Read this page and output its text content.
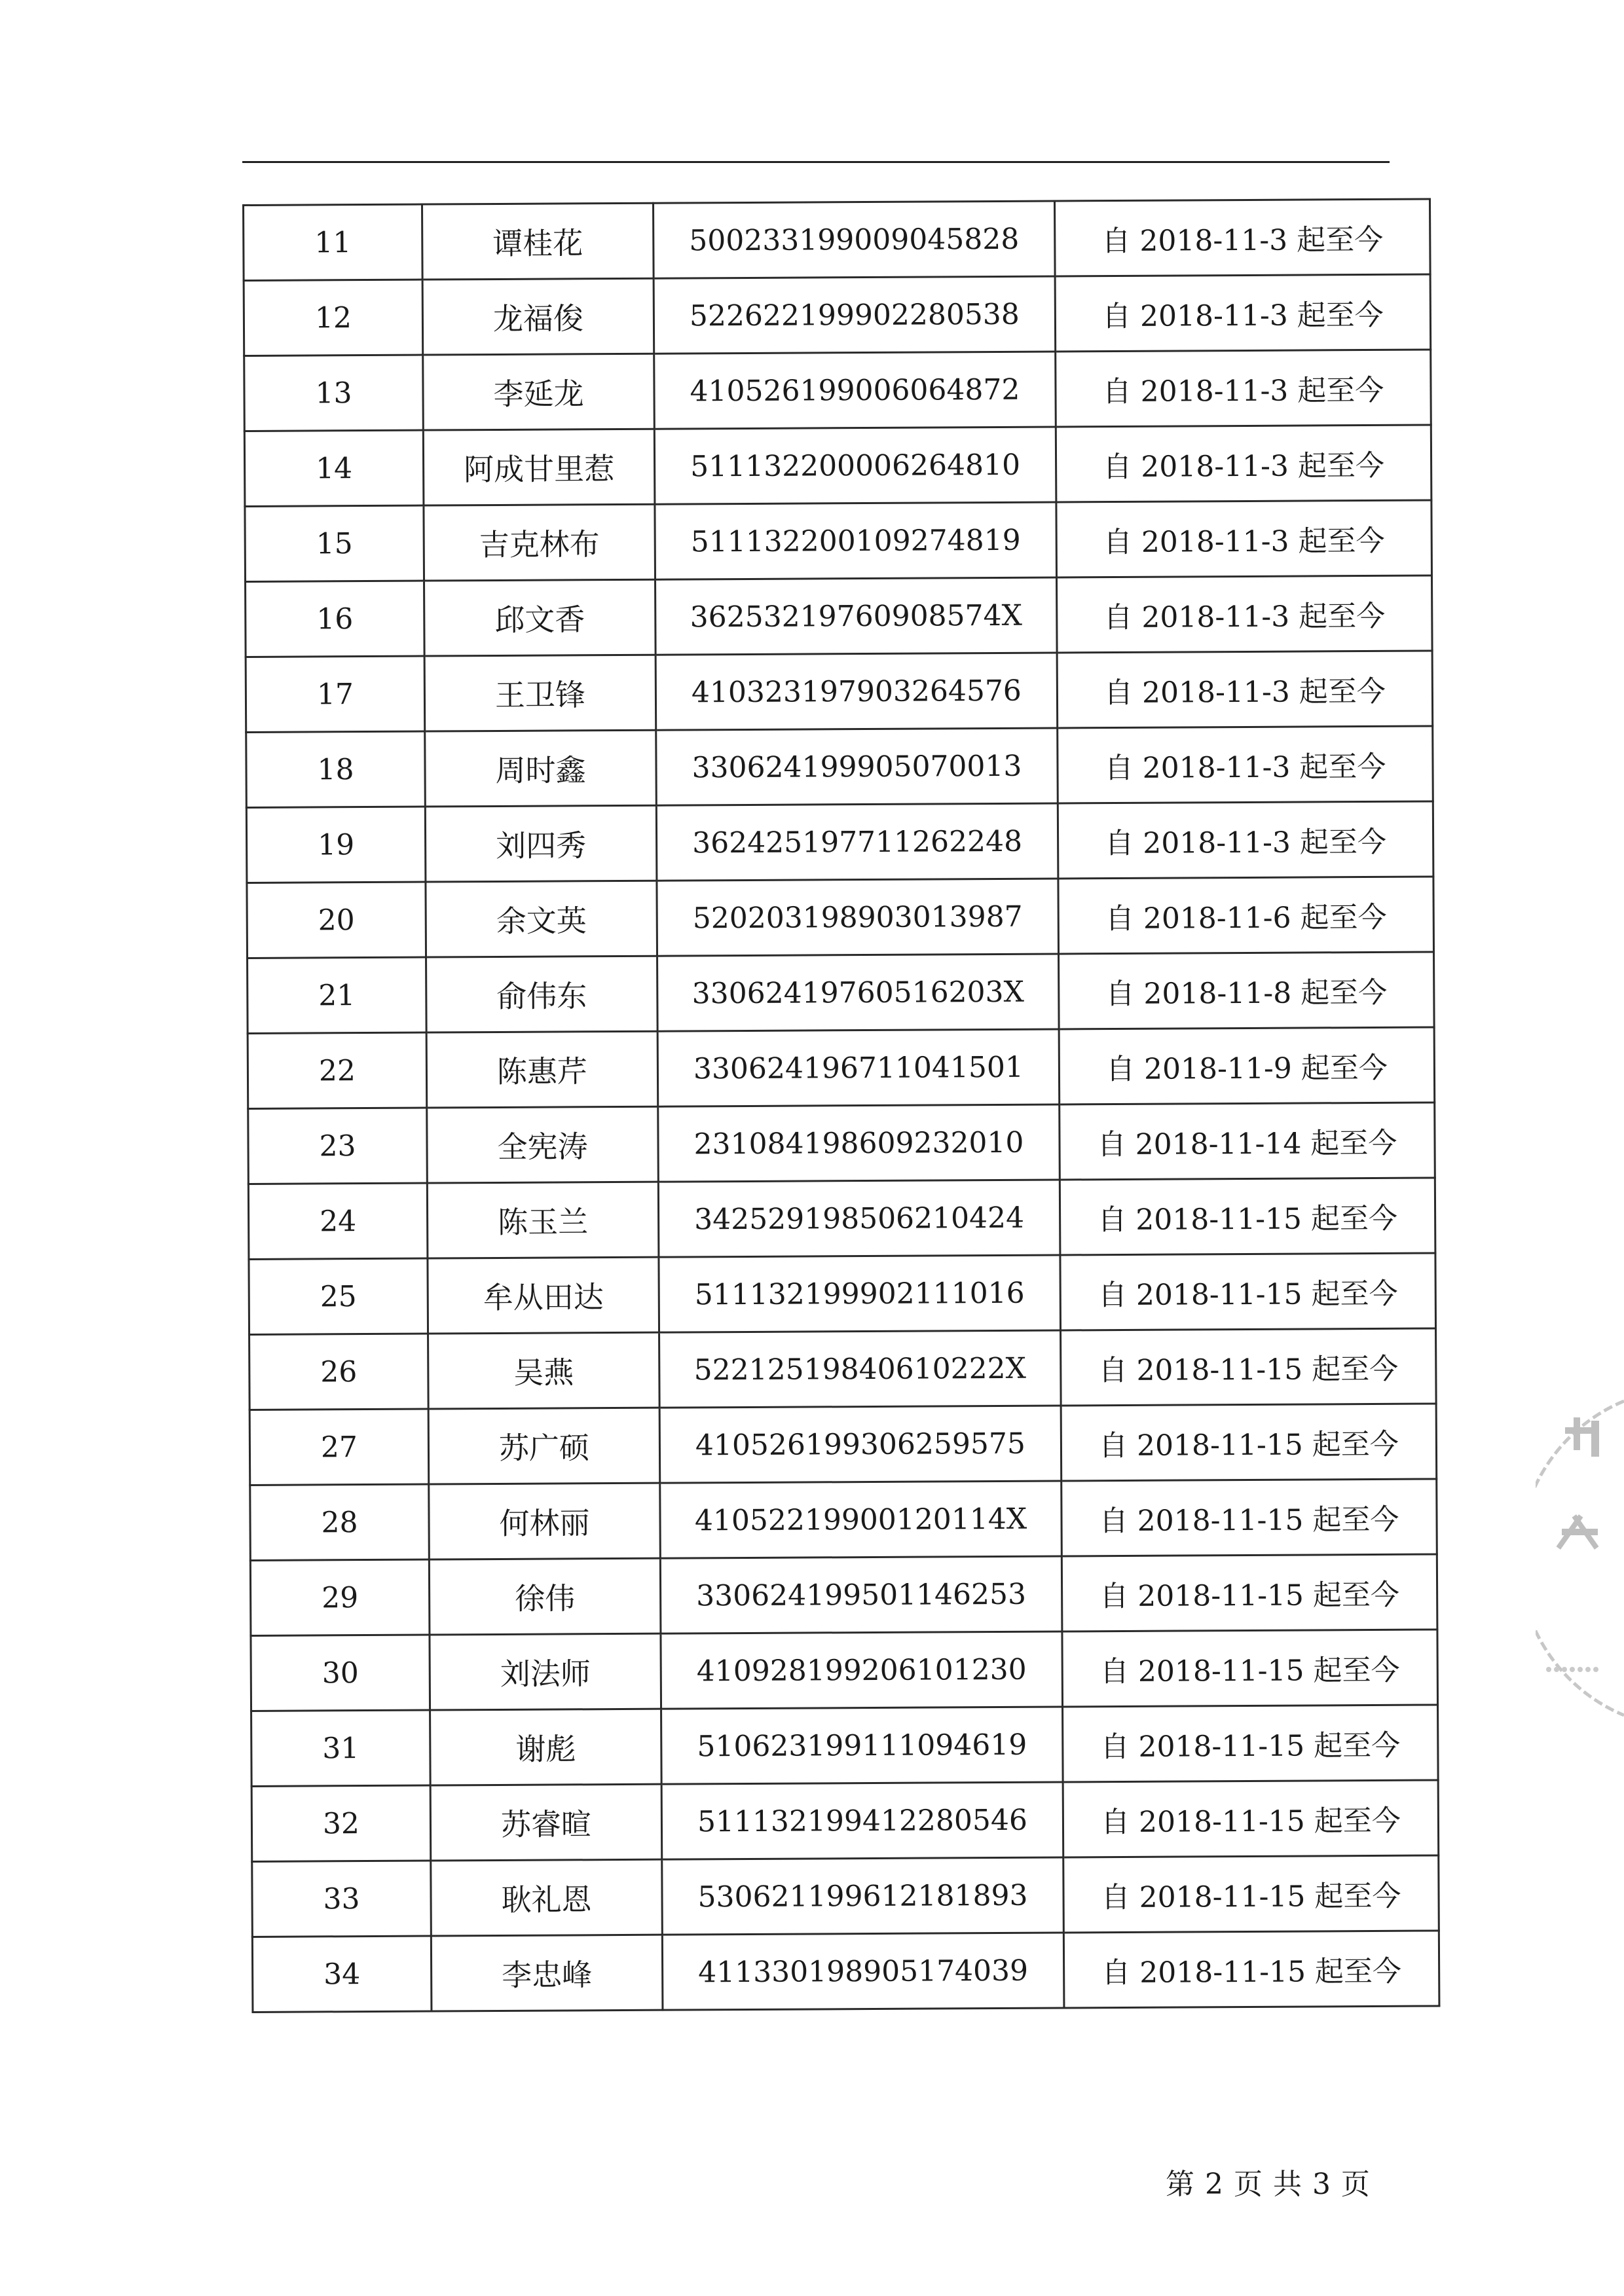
11	谭桂花	500233199009045828	自 2018-11-3 起至今
12	龙福俊	522622199902280538	自 2018-11-3 起至今
13	李延龙	410526199006064872	自 2018-11-3 起至今
14	阿成甘里惹	511132200006264810	自 2018-11-3 起至今
15	吉克林布	511132200109274819	自 2018-11-3 起至今
16	邱文香	36253219760908574X	自 2018-11-3 起至今
17	王卫锋	410323197903264576	自 2018-11-3 起至今
18	周时鑫	330624199905070013	自 2018-11-3 起至今
19	刘四秀	362425197711262248	自 2018-11-3 起至今
20	余文英	520203198903013987	自 2018-11-6 起至今
21	俞伟东	33062419760516203X	自 2018-11-8 起至今
22	陈惠芹	330624196711041501	自 2018-11-9 起至今
23	全宪涛	231084198609232010	自 2018-11-14 起至今
24	陈玉兰	342529198506210424	自 2018-11-15 起至今
25	牟从田达	511132199902111016	自 2018-11-15 起至今
26	吴燕	52212519840610222X	自 2018-11-15 起至今
27	苏广硕	410526199306259575	自 2018-11-15 起至今
28	何林丽	41052219900120114X	自 2018-11-15 起至今
29	徐伟	330624199501146253	自 2018-11-15 起至今
30	刘法师	410928199206101230	自 2018-11-15 起至今
31	谢彪	510623199111094619	自 2018-11-15 起至今
32	苏睿暄	511132199412280546	自 2018-11-15 起至今
33	耿礼恩	530621199612181893	自 2018-11-15 起至今
34	李忠峰	411330198905174039	自 2018-11-15 起至今
第 2 页 共 3 页
